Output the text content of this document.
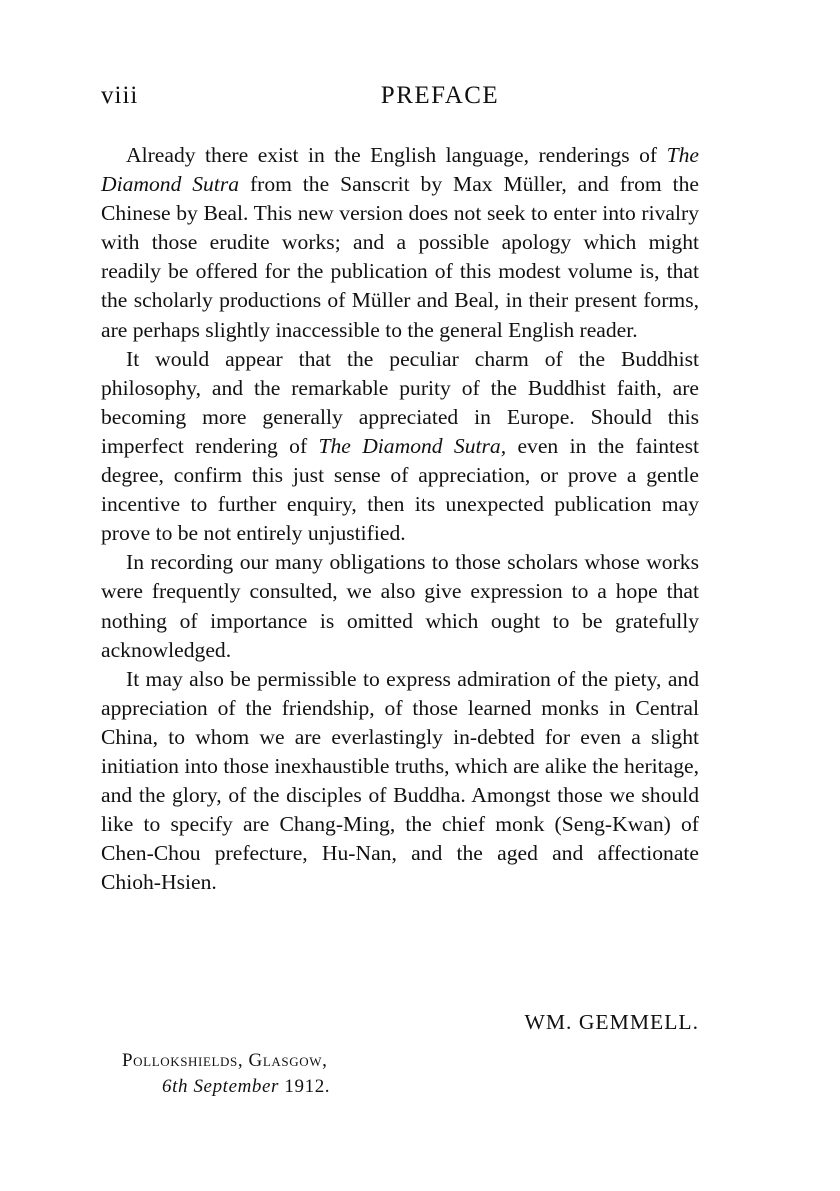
viii	PREFACE

Already there exist in the English language, renderings of The Diamond Sutra from the Sanscrit by Max Müller, and from the Chinese by Beal. This new version does not seek to enter into rivalry with those erudite works; and a possible apology which might readily be offered for the publication of this modest volume is, that the scholarly productions of Müller and Beal, in their present forms, are perhaps slightly inaccessible to the general English reader.

It would appear that the peculiar charm of the Buddhist philosophy, and the remarkable purity of the Buddhist faith, are becoming more generally appreciated in Europe. Should this imperfect rendering of The Diamond Sutra, even in the faintest degree, confirm this just sense of appreciation, or prove a gentle incentive to further enquiry, then its unexpected publication may prove to be not entirely unjustified.

In recording our many obligations to those scholars whose works were frequently consulted, we also give expression to a hope that nothing of importance is omitted which ought to be gratefully acknowledged.

It may also be permissible to express admiration of the piety, and appreciation of the friendship, of those learned monks in Central China, to whom we are everlastingly in-debted for even a slight initiation into those inexhaustible truths, which are alike the heritage, and the glory, of the disciples of Buddha. Amongst those we should like to specify are Chang-Ming, the chief monk (Seng-Kwan) of Chen-Chou prefecture, Hu-Nan, and the aged and affectionate Chioh-Hsien.

WM. GEMMELL.
Pollokshields, Glasgow,
6th September 1912.
